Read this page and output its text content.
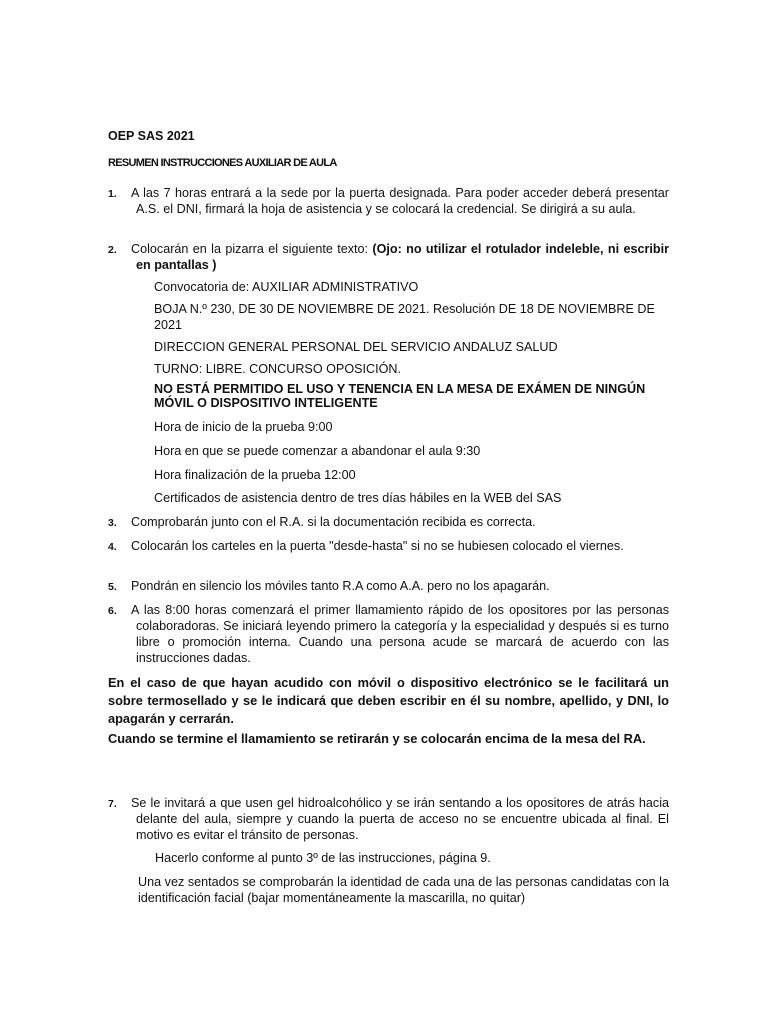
OEP SAS 2021
RESUMEN INSTRUCCIONES AUXILIAR DE AULA
1. A las 7 horas entrará a la sede por la puerta designada. Para poder acceder deberá presentar A.S. el DNI, firmará la hoja de asistencia y se colocará la credencial. Se dirigirá a su aula.
2. Colocarán en la pizarra el siguiente texto: (Ojo: no utilizar el rotulador indeleble, ni escribir en pantallas )
Convocatoria de: AUXILIAR ADMINISTRATIVO
BOJA N.º 230, DE 30 DE NOVIEMBRE DE 2021. Resolución DE 18 DE NOVIEMBRE DE 2021
DIRECCION GENERAL PERSONAL DEL SERVICIO ANDALUZ SALUD
TURNO: LIBRE. CONCURSO OPOSICIÓN.
NO ESTÁ PERMITIDO EL USO Y TENENCIA EN LA MESA DE EXÁMEN DE NINGÚN MÓVIL O DISPOSITIVO INTELIGENTE
Hora de inicio de la prueba 9:00
Hora en que se puede comenzar a abandonar el aula 9:30
Hora finalización de la prueba 12:00
Certificados de asistencia dentro de tres días hábiles en la WEB del SAS
3. Comprobarán junto con el R.A. si la documentación recibida es correcta.
4. Colocarán los carteles en la puerta "desde-hasta" si no se hubiesen colocado el viernes.
5. Pondrán en silencio los móviles tanto R.A como A.A. pero no los apagarán.
6. A las 8:00 horas comenzará el primer llamamiento rápido de los opositores por las personas colaboradoras. Se iniciará leyendo primero la categoría y la especialidad y después si es turno libre o promoción interna. Cuando una persona acude se marcará de acuerdo con las instrucciones dadas.
En el caso de que hayan acudido con móvil o dispositivo electrónico se le facilitará un sobre termosellado y se le indicará que deben escribir en él su nombre, apellido, y DNI, lo apagarán y cerrarán.
Cuando se termine el llamamiento se retirarán y se colocarán encima de la mesa del RA.
7. Se le invitará a que usen gel hidroalcohólico y se irán sentando a los opositores de atrás hacia delante del aula, siempre y cuando la puerta de acceso no se encuentre ubicada al final. El motivo es evitar el tránsito de personas.
Hacerlo conforme al punto 3º de las instrucciones, página 9.
Una vez sentados se comprobarán la identidad de cada una de las personas candidatas con la identificación facial (bajar momentáneamente la mascarilla, no quitar)
